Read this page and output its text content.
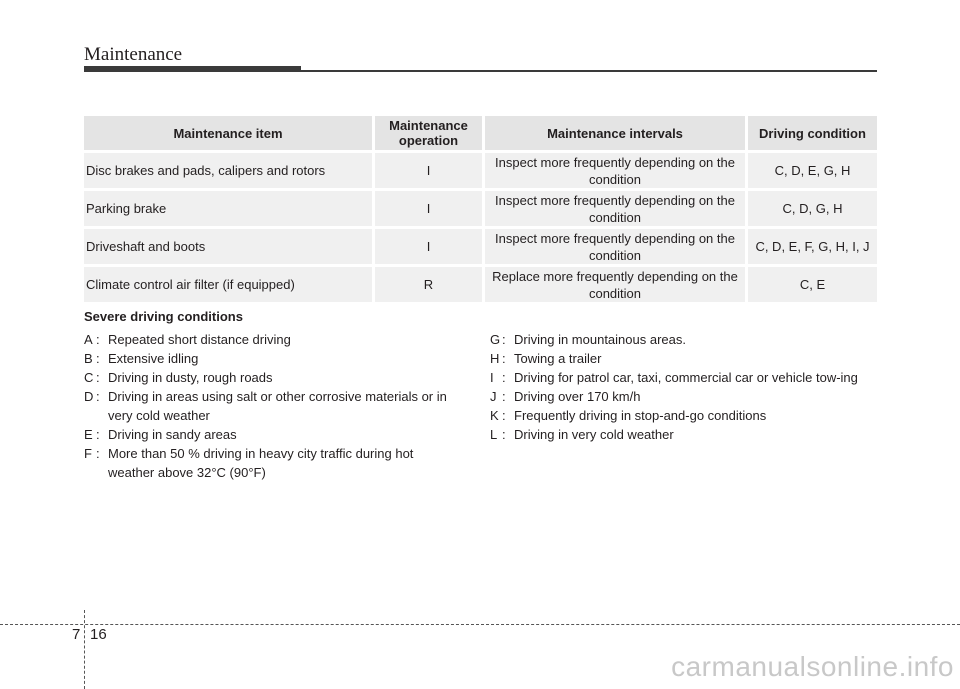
Maintenance
Maintenance item	Maintenance operation	Maintenance intervals	Driving condition
Disc brakes and pads, calipers and rotors	I	Inspect more frequently depending on the condition	C, D, E, G, H
Parking brake	I	Inspect more frequently depending on the condition	C, D, G, H
Driveshaft and boots	I	Inspect more frequently depending on the condition	C, D, E, F, G, H, I, J
Climate control air filter (if equipped)	R	Replace more frequently depending on the condition	C, E
Severe driving conditions
A : Repeated short distance driving
B : Extensive idling
C : Driving in dusty, rough roads
D : Driving in areas using salt or other corrosive materials or in very cold weather
E : Driving in sandy areas
F : More than 50 % driving in heavy city traffic during hot weather above 32°C (90°F)
G : Driving in mountainous areas.
H : Towing a trailer
I : Driving for patrol car, taxi, commercial car or vehicle tow-ing
J : Driving over 170 km/h
K : Frequently driving in stop-and-go conditions
L : Driving in very cold weather
7 16
carmanualsonline.info
